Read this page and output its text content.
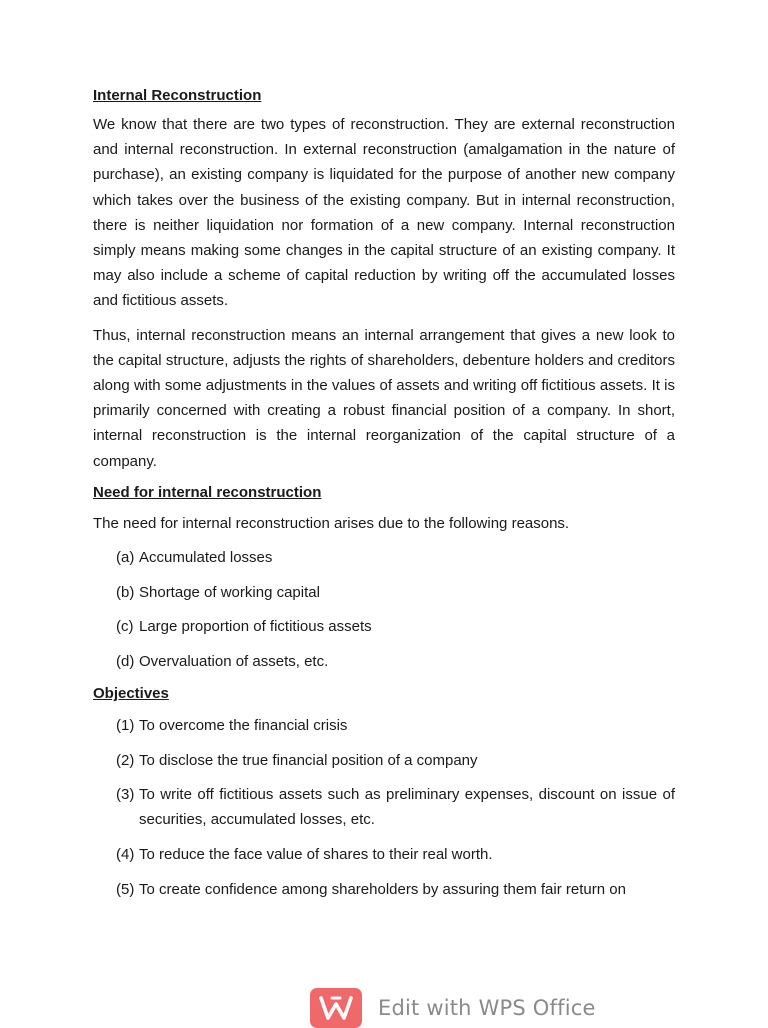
Internal Reconstruction

We know that there are two types of reconstruction. They are external reconstruction and internal reconstruction. In external reconstruction (amalgamation in the nature of purchase), an existing company is liquidated for the purpose of another new company which takes over the business of the existing company. But in internal reconstruction, there is neither liquidation nor formation of a new company. Internal reconstruction simply means making some changes in the capital structure of an existing company. It may also include a scheme of capital reduction by writing off the accumulated losses and fictitious assets.

Thus, internal reconstruction means an internal arrangement that gives a new look to the capital structure, adjusts the rights of shareholders, debenture holders and creditors along with some adjustments in the values of assets and writing off fictitious assets. It is primarily concerned with creating a robust financial position of a company. In short, internal reconstruction is the internal reorganization of the capital structure of a company.

Need for internal reconstruction

The need for internal reconstruction arises due to the following reasons.

(a) Accumulated losses
(b) Shortage of working capital
(c) Large proportion of fictitious assets
(d) Overvaluation of assets, etc.
Objectives
(1) To overcome the financial crisis
(2) To disclose the true financial position of a company
(3) To write off fictitious assets such as preliminary expenses, discount on issue of securities, accumulated losses, etc.
(4) To reduce the face value of shares to their real worth.
(5) To create confidence among shareholders by assuring them fair return on
Edit with WPS Office
